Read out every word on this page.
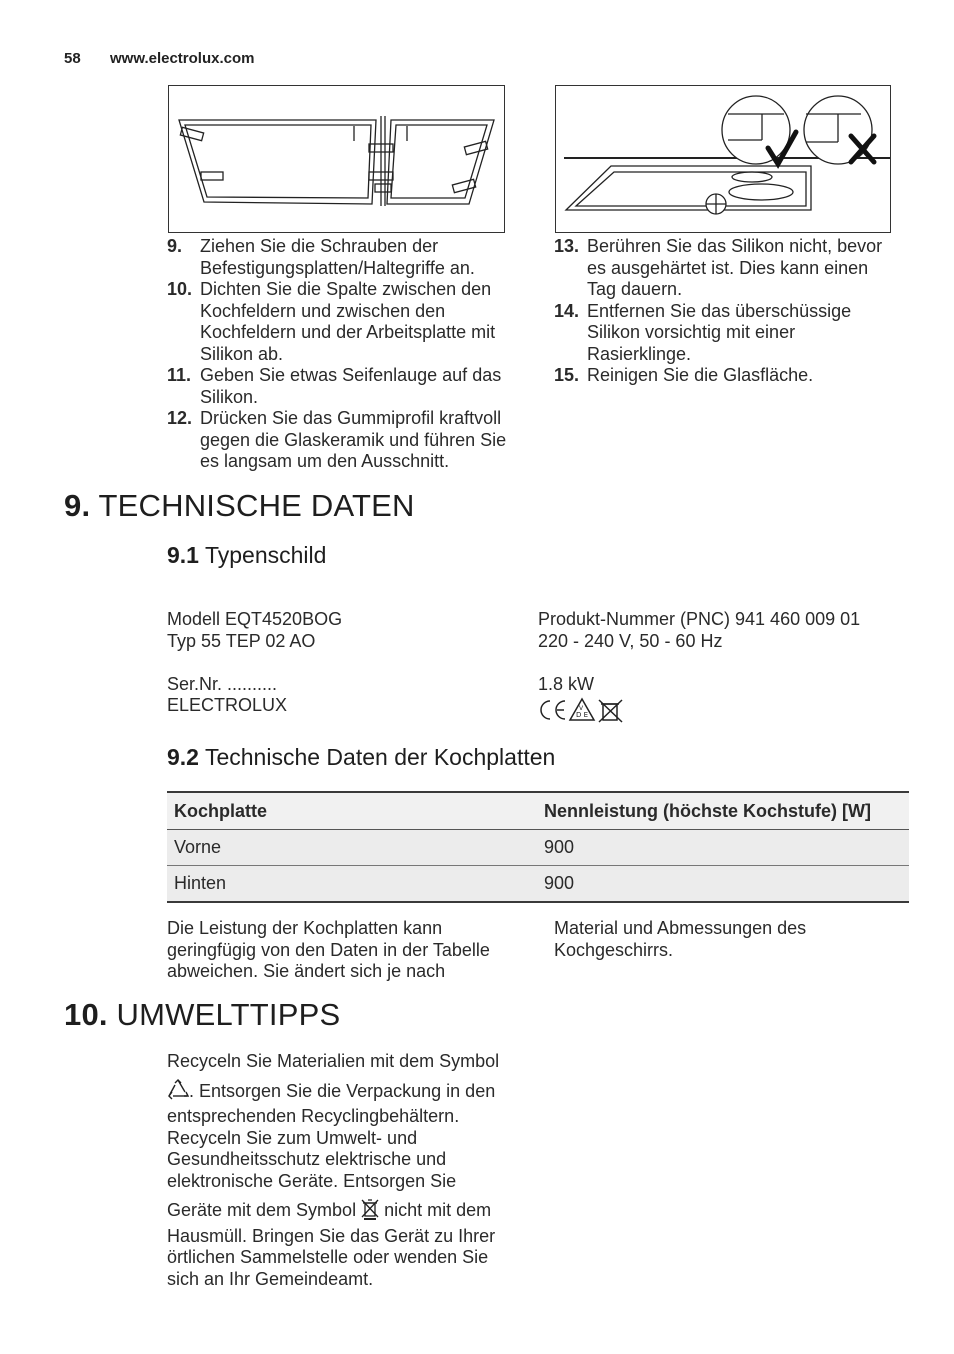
58 www.electrolux.com
9. Ziehen Sie die Schrauben der Befestigungsplatten/Haltegriffe an.
10. Dichten Sie die Spalte zwischen den Kochfeldern und zwischen den Kochfeldern und der Arbeitsplatte mit Silikon ab.
11. Geben Sie etwas Seifenlauge auf das Silikon.
12. Drücken Sie das Gummiprofil kraftvoll gegen die Glaskeramik und führen Sie es langsam um den Ausschnitt.
13. Berühren Sie das Silikon nicht, bevor es ausgehärtet ist. Dies kann einen Tag dauern.
14. Entfernen Sie das überschüssige Silikon vorsichtig mit einer Rasierklinge.
15. Reinigen Sie die Glasfläche.
9. TECHNISCHE DATEN
9.1 Typenschild
Modell EQT4520BOG
Typ 55 TEP 02 AO
Ser.Nr. ..........
ELECTROLUX
Produkt-Nummer (PNC) 941 460 009 01
220 - 240 V, 50 - 60 Hz
1.8 kW
D E
V
9.2 Technische Daten der Kochplatten
Kochplatte	Nennleistung (höchste Kochstufe) [W]
Vorne	900
Hinten	900
Die Leistung der Kochplatten kann geringfügig von den Daten in der Tabelle abweichen. Sie ändert sich je nach
Material und Abmessungen des Kochgeschirrs.
10. UMWELTTIPPS
Recyceln Sie Materialien mit dem Symbol
. Entsorgen Sie die Verpackung in den entsprechenden Recyclingbehältern. Recyceln Sie zum Umwelt- und Gesundheitsschutz elektrische und elektronische Geräte. Entsorgen Sie
Geräte mit dem Symbol  nicht mit dem Hausmüll. Bringen Sie das Gerät zu Ihrer örtlichen Sammelstelle oder wenden Sie sich an Ihr Gemeindeamt.
